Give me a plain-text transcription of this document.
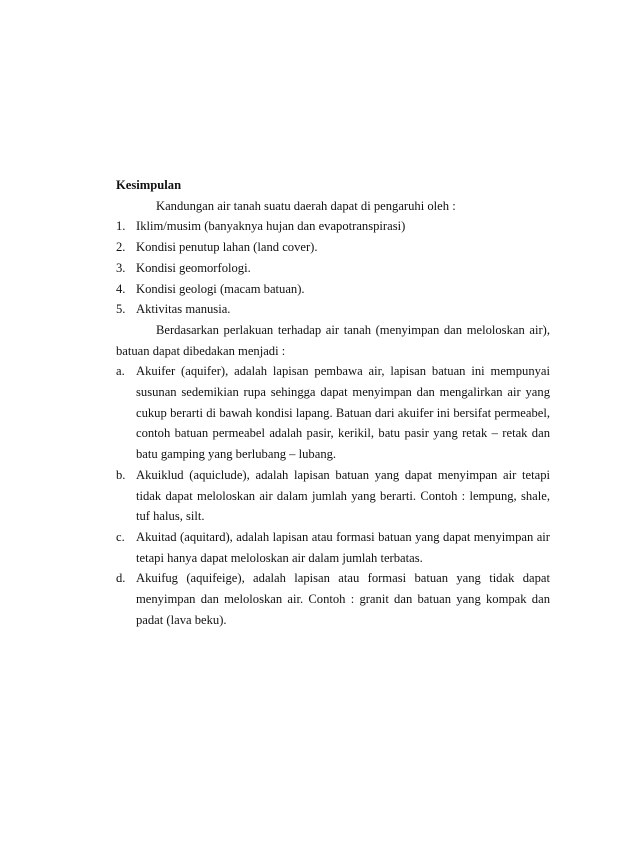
Kesimpulan
Kandungan air tanah suatu daerah dapat di pengaruhi oleh :
1. Iklim/musim (banyaknya hujan dan evapotranspirasi)
2. Kondisi penutup lahan (land cover).
3. Kondisi geomorfologi.
4. Kondisi geologi (macam batuan).
5. Aktivitas manusia.
Berdasarkan perlakuan terhadap air tanah (menyimpan dan meloloskan air),
batuan dapat dibedakan menjadi :
a. Akuifer (aquifer), adalah lapisan pembawa air, lapisan batuan ini mempunyai
susunan sedemikian rupa sehingga dapat menyimpan dan mengalirkan air yang
cukup berarti di bawah kondisi lapang. Batuan dari akuifer ini bersifat permeabel,
contoh batuan permeabel adalah pasir, kerikil, batu pasir yang retak – retak dan
batu gamping yang berlubang – lubang.
b. Akuiklud (aquiclude), adalah lapisan batuan yang dapat menyimpan air tetapi
tidak dapat meloloskan air dalam jumlah yang berarti. Contoh : lempung, shale,
tuf halus, silt.
c. Akuitad (aquitard), adalah lapisan atau formasi batuan yang dapat menyimpan air
tetapi hanya dapat meloloskan air dalam jumlah terbatas.
d. Akuifug (aquifeige), adalah lapisan atau formasi batuan yang tidak dapat
menyimpan dan meloloskan air. Contoh : granit dan batuan yang kompak dan
padat (lava beku).
